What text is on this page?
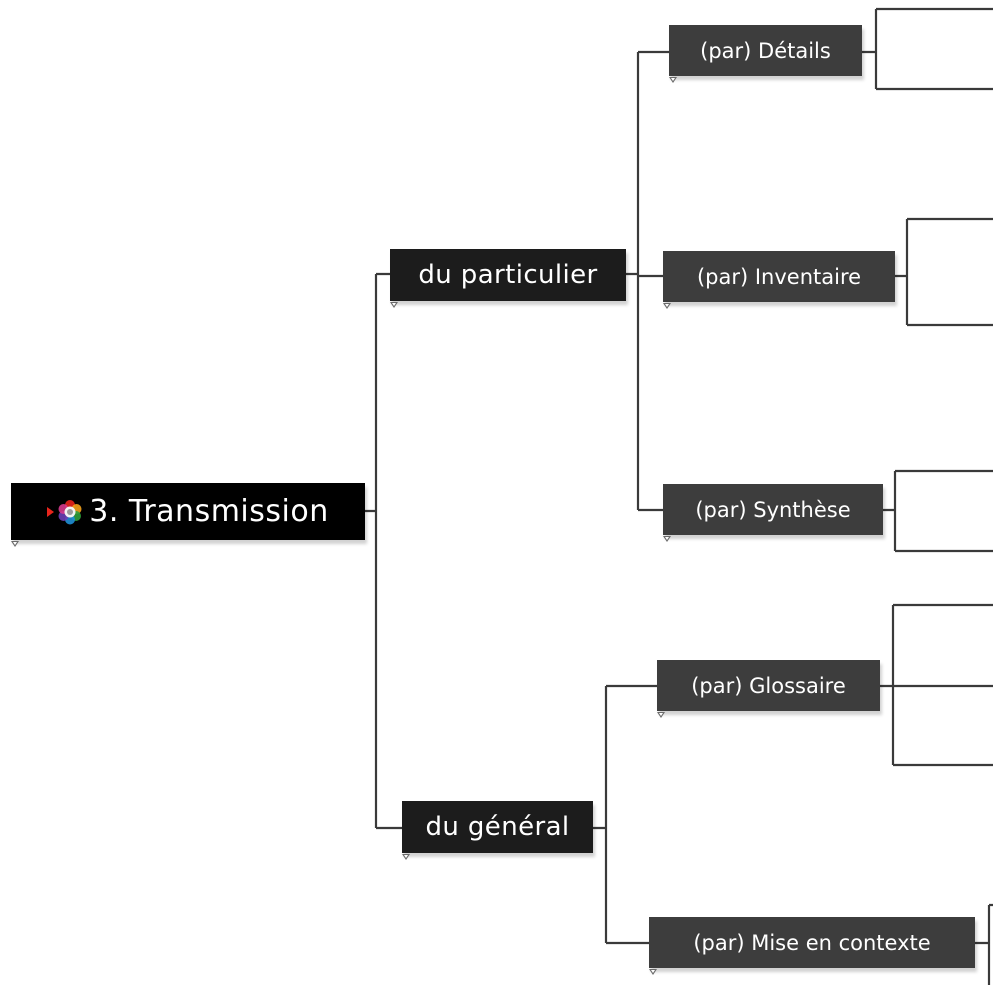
3. Transmission
du particulier
du général
(par) Détails
(par) Inventaire
(par) Synthèse
(par) Glossaire
(par) Mise en contexte
